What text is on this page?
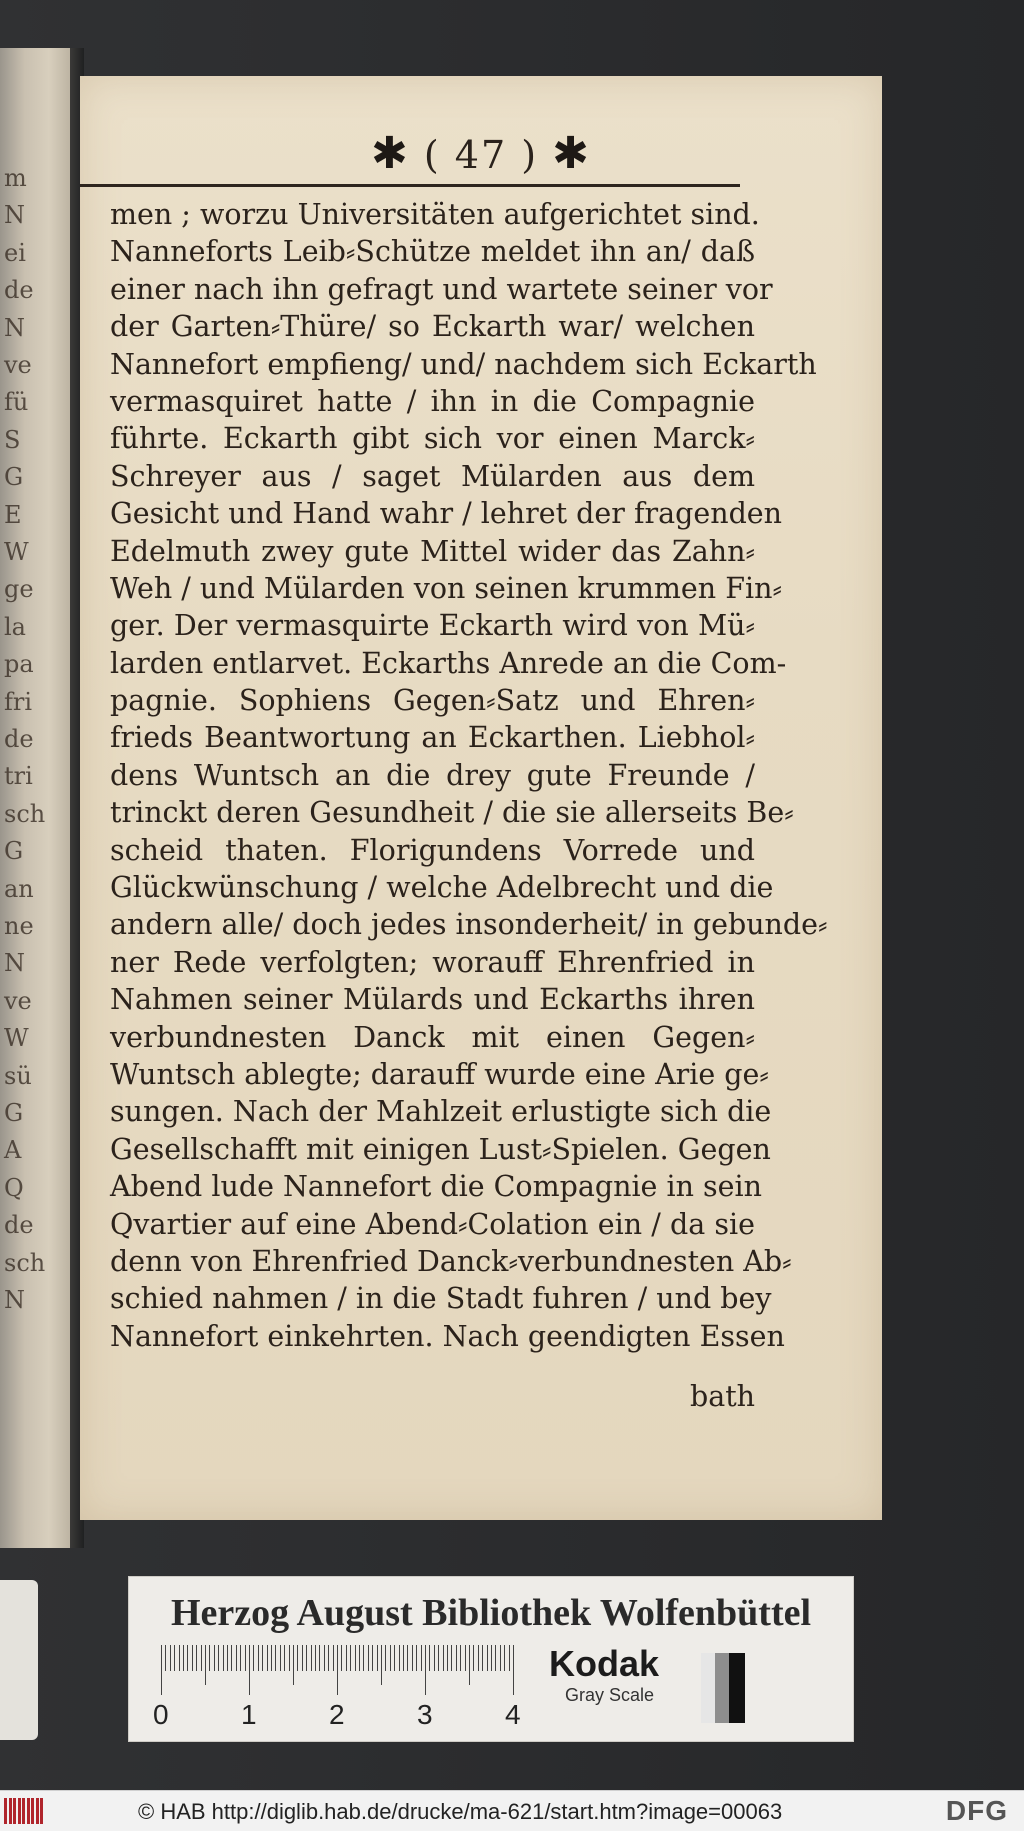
m
N
ei
de
N
ve
fü
S
G
E
W
ge
la
pa
fri
de
tri
sch
G
an
ne
N
ve
W
sü
G
A
Q
de
sch
N
✱ ( 47 ) ✱
men ; worzu Universitäten aufgerichtet sind.
Nanneforts Leib⸗Schütze meldet ihn an/ daß
einer nach ihn gefragt und wartete seiner vor
der Garten⸗Thüre/ so Eckarth war/ welchen
Nannefort empfieng/ und/ nachdem sich Eckarth
vermasquiret hatte / ihn in die Compagnie
führte. Eckarth gibt sich vor einen Marck⸗
Schreyer aus / saget Mülarden aus dem
Gesicht und Hand wahr / lehret der fragenden
Edelmuth zwey gute Mittel wider das Zahn⸗
Weh / und Mülarden von seinen krummen Fin⸗
ger. Der vermasquirte Eckarth wird von Mü⸗
larden entlarvet. Eckarths Anrede an die Com-
pagnie. Sophiens Gegen⸗Satz und Ehren⸗
frieds Beantwortung an Eckarthen. Liebhol⸗
dens Wuntsch an die drey gute Freunde /
trinckt deren Gesundheit / die sie allerseits Be⸗
scheid thaten. Florigundens Vorrede und
Glückwünschung / welche Adelbrecht und die
andern alle/ doch jedes insonderheit/ in gebunde⸗
ner Rede verfolgten; worauff Ehrenfried in
Nahmen seiner Mülards und Eckarths ihren
verbundnesten Danck mit einen Gegen⸗
Wuntsch ablegte; darauff wurde eine Arie ge⸗
sungen. Nach der Mahlzeit erlustigte sich die
Gesellschafft mit einigen Lust⸗Spielen. Gegen
Abend lude Nannefort die Compagnie in sein
Qvartier auf eine Abend⸗Colation ein / da sie
denn von Ehrenfried Danck⸗verbundnesten Ab⸗
schied nahmen / in die Stadt fuhren / und bey
Nannefort einkehrten. Nach geendigten Essen
bath
Herzog August Bibliothek Wolfenbüttel
0	1	2	3	4
Kodak
Gray Scale
© HAB http://diglib.hab.de/drucke/ma-621/start.htm?image=00063	DFG
